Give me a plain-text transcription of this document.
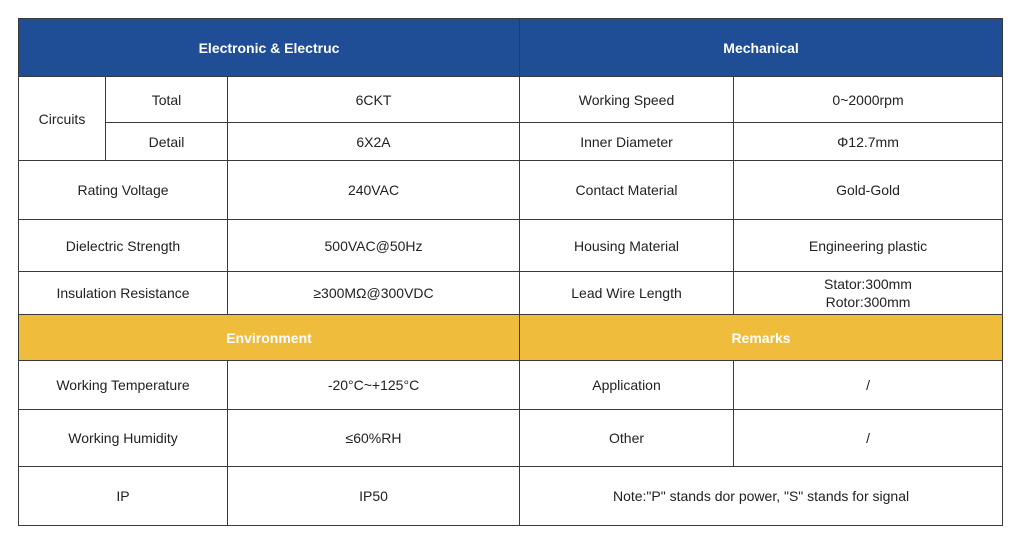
Electronic & Electruc			Mechanical	
Circuits	Total	6CKT	Working Speed	0~2000rpm
	Detail	6X2A	Inner Diameter	Φ12.7mm
Rating Voltage		240VAC	Contact Material	Gold-Gold
Dielectric Strength		500VAC@50Hz	Housing Material	Engineering plastic
Insulation Resistance		≥300MΩ@300VDC	Lead Wire Length	Stator:300mm
Rotor:300mm

Environment			Remarks	
Working Temperature		-20°C~+125°C	Application	/
Working Humidity		≤60%RH	Other	/
IP		IP50	Note:"P" stands dor power, "S" stands for signal	
